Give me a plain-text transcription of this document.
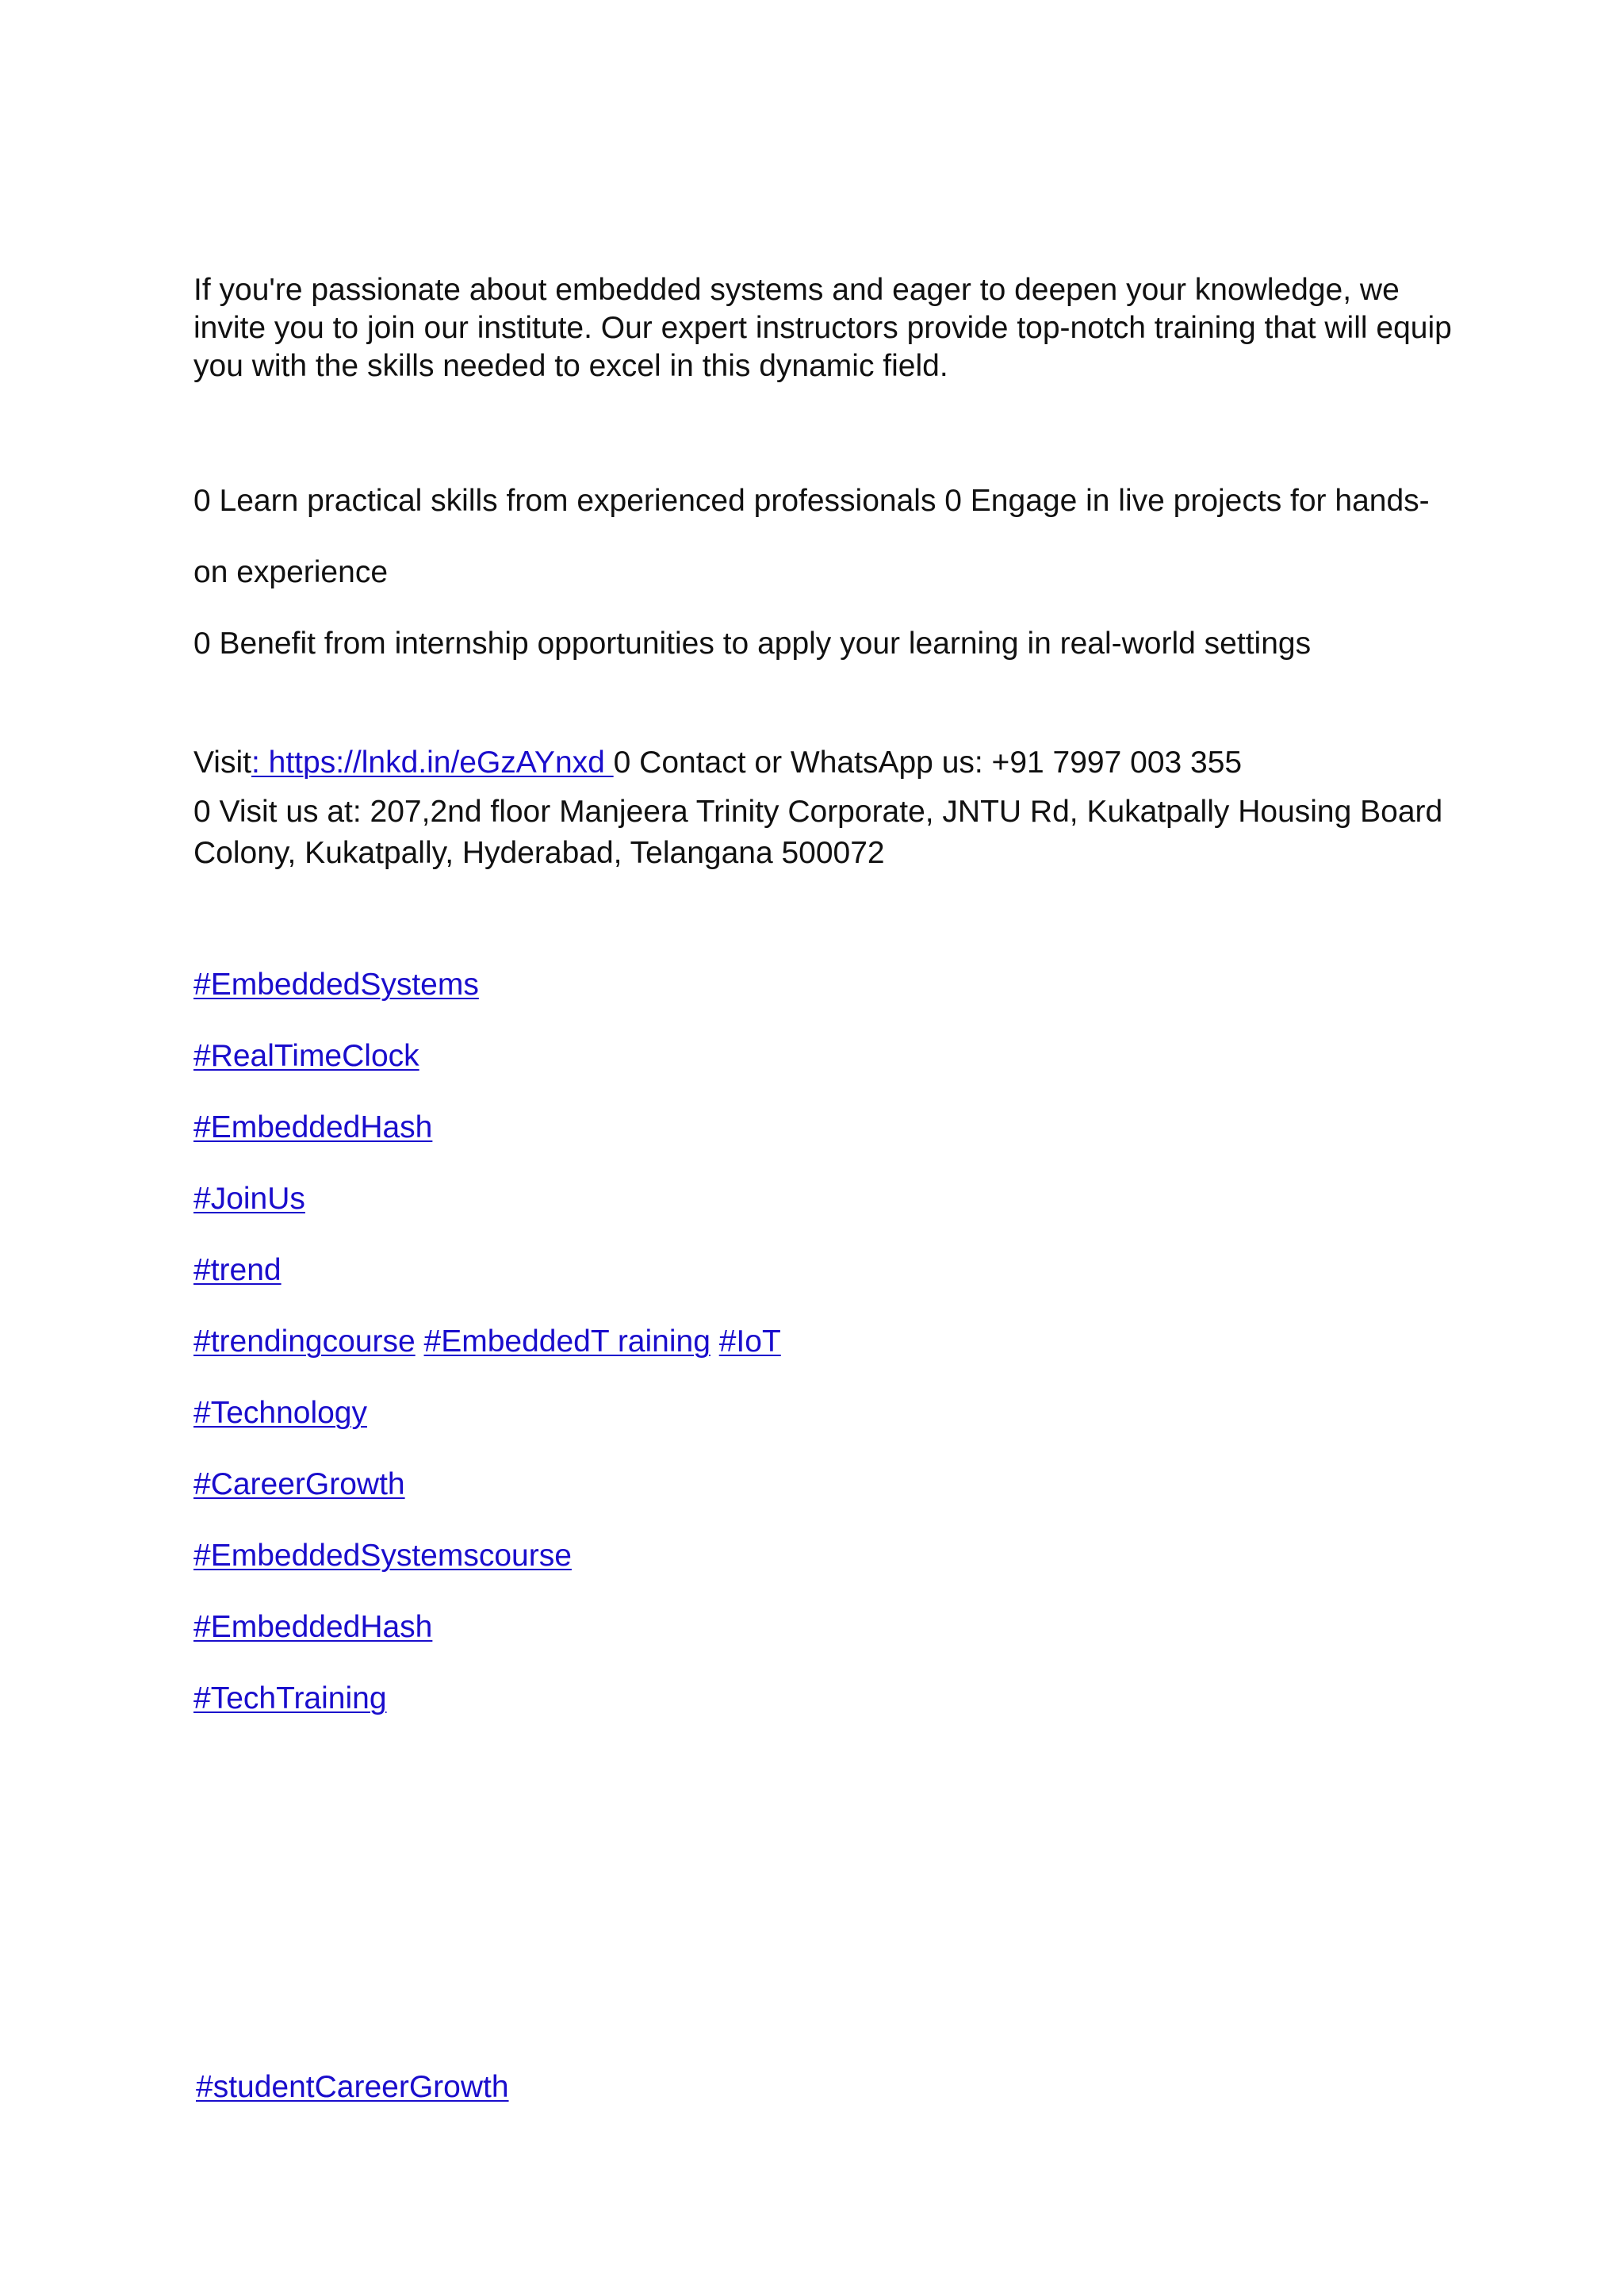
If you're passionate about embedded systems and eager to deepen your knowledge, we
invite you to join our institute. Our expert instructors provide top-notch training that will equip
you with the skills needed to excel in this dynamic field.
0 Learn practical skills from experienced professionals 0 Engage in live projects for hands-
on experience
0 Benefit from internship opportunities to apply your learning in real-world settings
Visit: https://lnkd.in/eGzAYnxd 0 Contact or WhatsApp us: +91 7997 003 355
0 Visit us at: 207,2nd floor Manjeera Trinity Corporate, JNTU Rd, Kukatpally Housing Board
Colony, Kukatpally, Hyderabad, Telangana 500072
#EmbeddedSystems
#RealTimeClock
#EmbeddedHash
#JoinUs
#trend
#trendingcourse #EmbeddedT raining #IoT
#Technology
#CareerGrowth
#EmbeddedSystemscourse
#EmbeddedHash
#TechTraining
#studentCareerGrowth
